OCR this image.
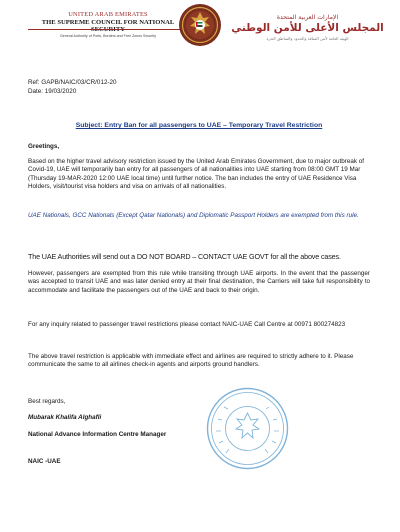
UNITED ARAB EMIRATES
THE SUPREME COUNCIL FOR NATIONAL
General Authority of Ports, Borders and Free Zones Security
الإمارات العربية المتحدة
المجلس الأعلى للأمن الوطني
الهيئة العامة لأمن المنافذ والحدود والمناطق الحرة
Ref: GAPB/NAIC/03/CR/012-20
Date: 19/03/2020
Subject: Entry Ban for all passengers to UAE – Temporary Travel Restriction
Greetings,
Based on the higher travel advisory restriction issued by the United Arab Emirates Government, due to major outbreak of Covid-19, UAE will temporarily ban entry for all passengers of all nationalities into UAE starting from 08:00 GMT 19 Mar (Thursday 19-MAR-2020 12:00 UAE local time) until further notice. The ban includes the entry of UAE Residence Visa Holders, visit/tourist visa holders and visa on arrivals of all nationalities.
UAE Nationals, GCC Nationals (Except Qatar Nationals) and Diplomatic Passport Holders are exempted from this rule.
The UAE Authorities will send out a DO NOT BOARD – CONTACT UAE GOVT for all the above cases.
However, passengers are exempted from this rule while transiting through UAE airports. In the event that the passenger was accepted to transit UAE and was later denied entry at their final destination, the Carriers will take full responsibility to accommodate and facilitate the passengers out of the UAE and back to their origin.
For any inquiry related to passenger travel restrictions please contact NAIC-UAE Call Centre at 00971 800274823
The above travel restriction is applicable with immediate effect and airlines are required to strictly adhere to it. Please communicate the same to all airlines check-in agents and airports ground handlers.
Best regards,
Mubarak Khalifa Alghafli
National Advance Information Centre Manager
NAIC -UAE
